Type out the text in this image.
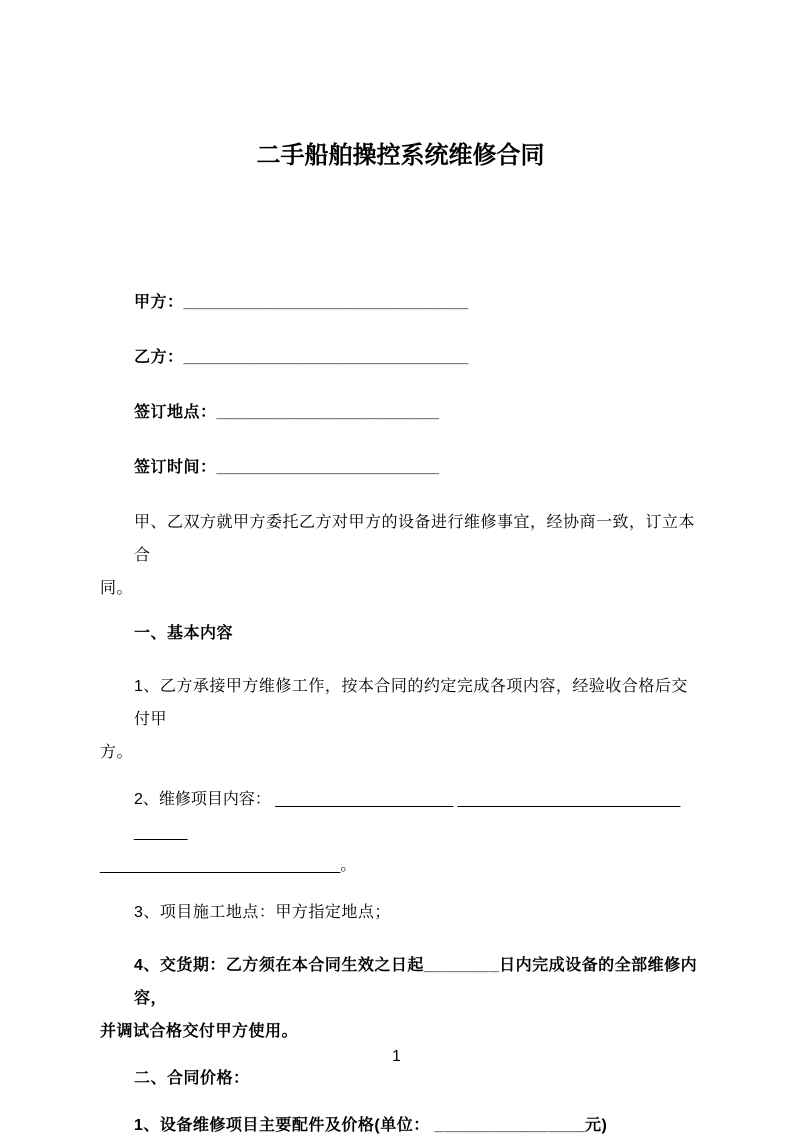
二手船舶操控系统维修合同

甲方：________________________________

乙方：________________________________

签订地点：_________________________

签订时间：_________________________

甲、乙双方就甲方委托乙方对甲方的设备进行维修事宜，经协商一致，订立本合
同。

一、基本内容

1、乙方承接甲方维修工作，按本合同的约定完成各项内容，经验收合格后交付甲
方。

2、维修项目内容： ____________________ _________________________ ______
___________________________。

3、项目施工地点：甲方指定地点；

4、交货期：乙方须在本合同生效之日起________日内完成设备的全部维修内容，
并调试合格交付甲方使用。

二、合同价格：

1、设备维修项目主要配件及价格(单位： ________________元)

1
